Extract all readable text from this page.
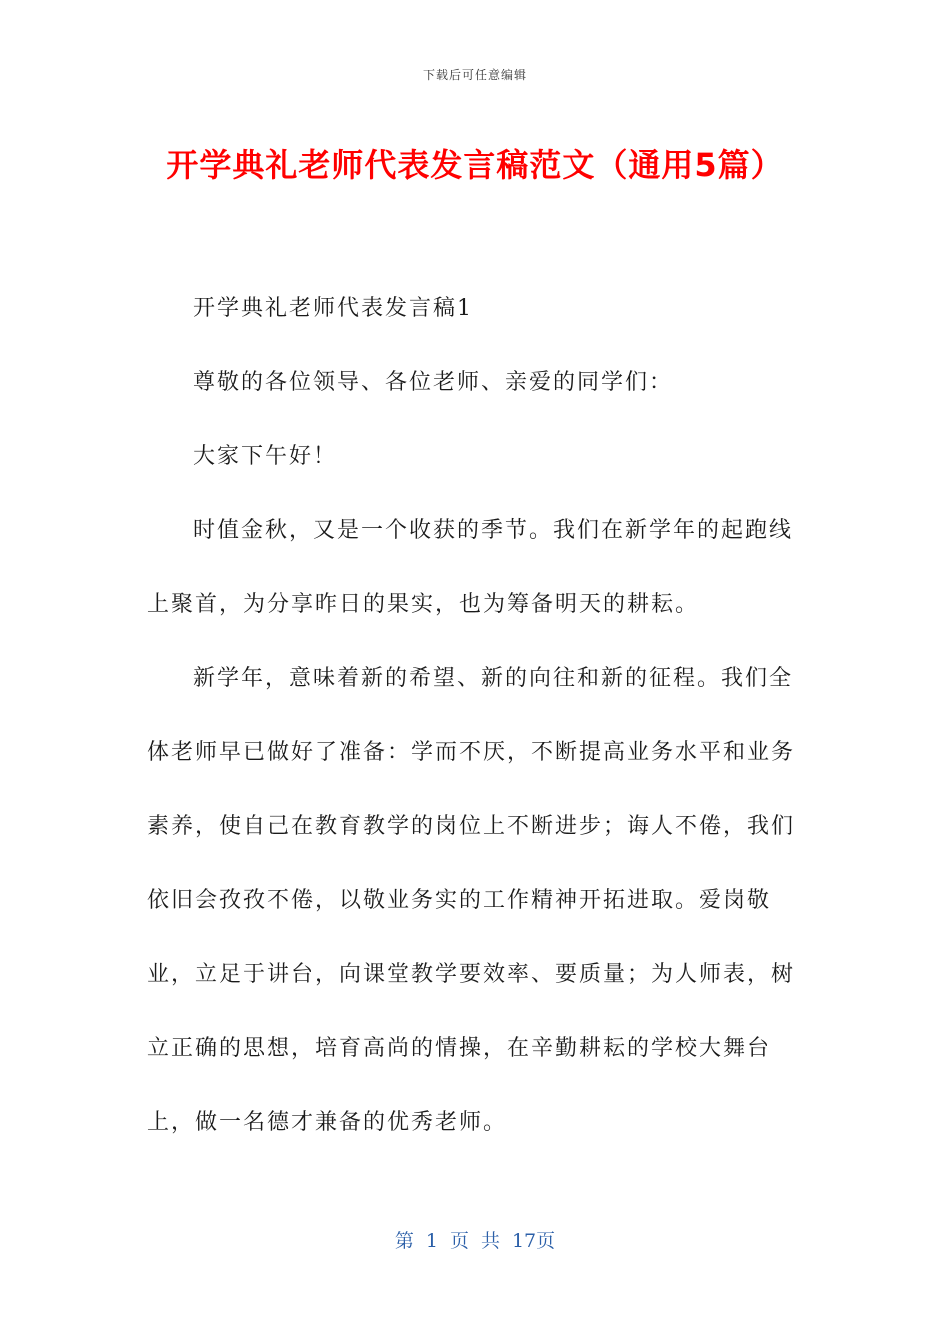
下载后可任意编辑
开学典礼老师代表发言稿范文（通用5篇）

开学典礼老师代表发言稿1

尊敬的各位领导、各位老师、亲爱的同学们：

大家下午好！

时值金秋，又是一个收获的季节。我们在新学年的起跑线上聚首，为分享昨日的果实，也为筹备明天的耕耘。

新学年，意味着新的希望、新的向往和新的征程。我们全体老师早已做好了准备：学而不厌，不断提高业务水平和业务素养，使自己在教育教学的岗位上不断进步；诲人不倦，我们依旧会孜孜不倦，以敬业务实的工作精神开拓进取。爱岗敬业，立足于讲台，向课堂教学要效率、要质量；为人师表，树立正确的思想，培育高尚的情操，在辛勤耕耘的学校大舞台上，做一名德才兼备的优秀老师。

第 1 页 共 17页
